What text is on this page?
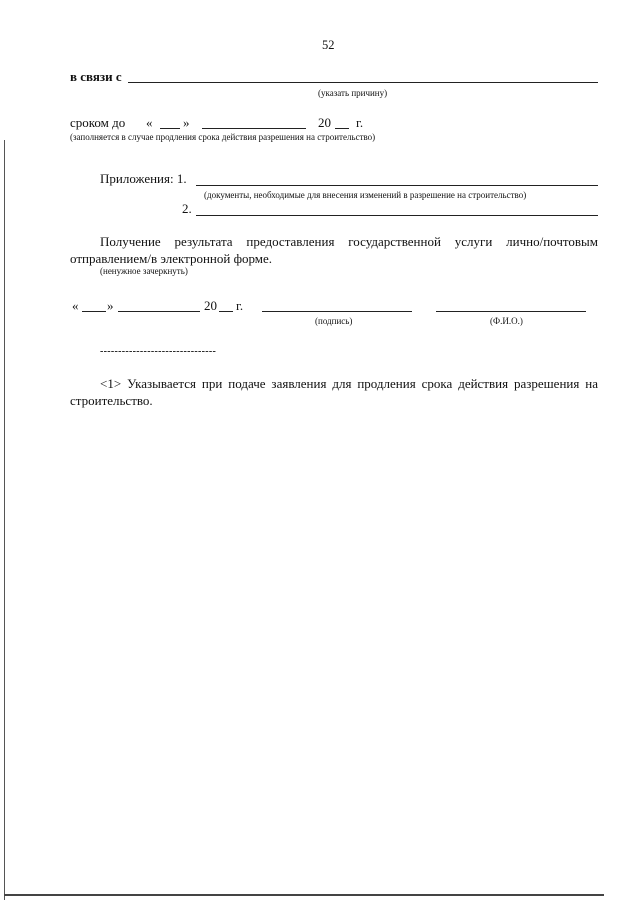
52
в связи с
(указать причину)
сроком до « »	20 г.
(заполняется в случае продления срока действия разрешения на строительство)
Приложения: 1.
(документы, необходимые для внесения изменений в разрешение на строительство)
2.
Получение результата предоставления государственной услуги лично/почтовым отправлением/в электронной форме.
(ненужное зачеркнуть)
« »	20 г.
(подпись)	(Ф.И.О.)
--------------------------------
<1> Указывается при подаче заявления для продления срока действия разрешения на строительство.
